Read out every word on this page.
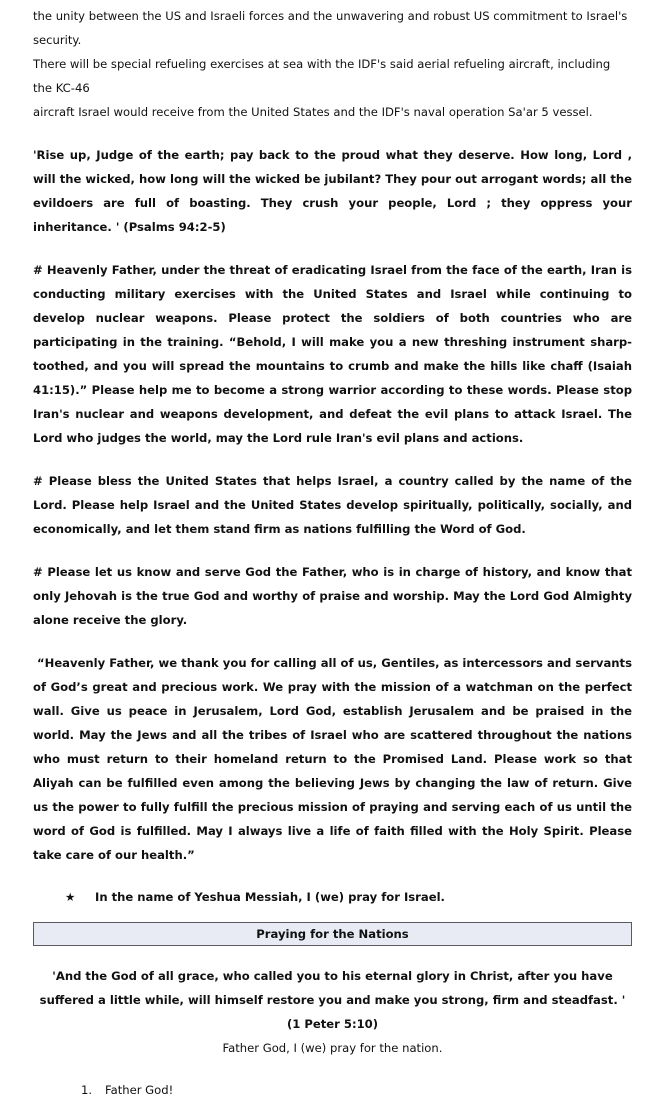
the unity between the US and Israeli forces and the unwavering and robust US commitment to Israel's security.

There will be special refueling exercises at sea with the IDF's said aerial refueling aircraft, including the KC-46

aircraft Israel would receive from the United States and the IDF's naval operation Sa'ar 5 vessel.

'Rise up, Judge of the earth; pay back to the proud what they deserve. How long, Lord , will the wicked, how long will the wicked be jubilant? They pour out arrogant words; all the evildoers are full of boasting. They crush your people, Lord ; they oppress your inheritance. ' (Psalms 94:2-5)

# Heavenly Father, under the threat of eradicating Israel from the face of the earth, Iran is conducting military exercises with the United States and Israel while continuing to develop nuclear weapons. Please protect the soldiers of both countries who are participating in the training. “Behold, I will make you a new threshing instrument sharp-toothed, and you will spread the mountains to crumb and make the hills like chaff (Isaiah 41:15).” Please help me to become a strong warrior according to these words. Please stop Iran's nuclear and weapons development, and defeat the evil plans to attack Israel. The Lord who judges the world, may the Lord rule Iran's evil plans and actions.

# Please bless the United States that helps Israel, a country called by the name of the Lord. Please help Israel and the United States develop spiritually, politically, socially, and economically, and let them stand firm as nations fulfilling the Word of God.

# Please let us know and serve God the Father, who is in charge of history, and know that only Jehovah is the true God and worthy of praise and worship. May the Lord God Almighty alone receive the glory.

“Heavenly Father, we thank you for calling all of us, Gentiles, as intercessors and servants of God’s great and precious work. We pray with the mission of a watchman on the perfect wall. Give us peace in Jerusalem, Lord God, establish Jerusalem and be praised in the world. May the Jews and all the tribes of Israel who are scattered throughout the nations who must return to their homeland return to the Promised Land. Please work so that Aliyah can be fulfilled even among the believing Jews by changing the law of return. Give us the power to fully fulfill the precious mission of praying and serving each of us until the word of God is fulfilled. May I always live a life of faith filled with the Holy Spirit. Please take care of our health.”

★	In the name of Yeshua Messiah, I (we) pray for Israel.
Praying for the Nations
'And the God of all grace, who called you to his eternal glory in Christ, after you have suffered a little while, will himself restore you and make you strong, firm and steadfast. ' (1 Peter 5:10)
Father God, I (we) pray for the nation.
1.	Father God!
